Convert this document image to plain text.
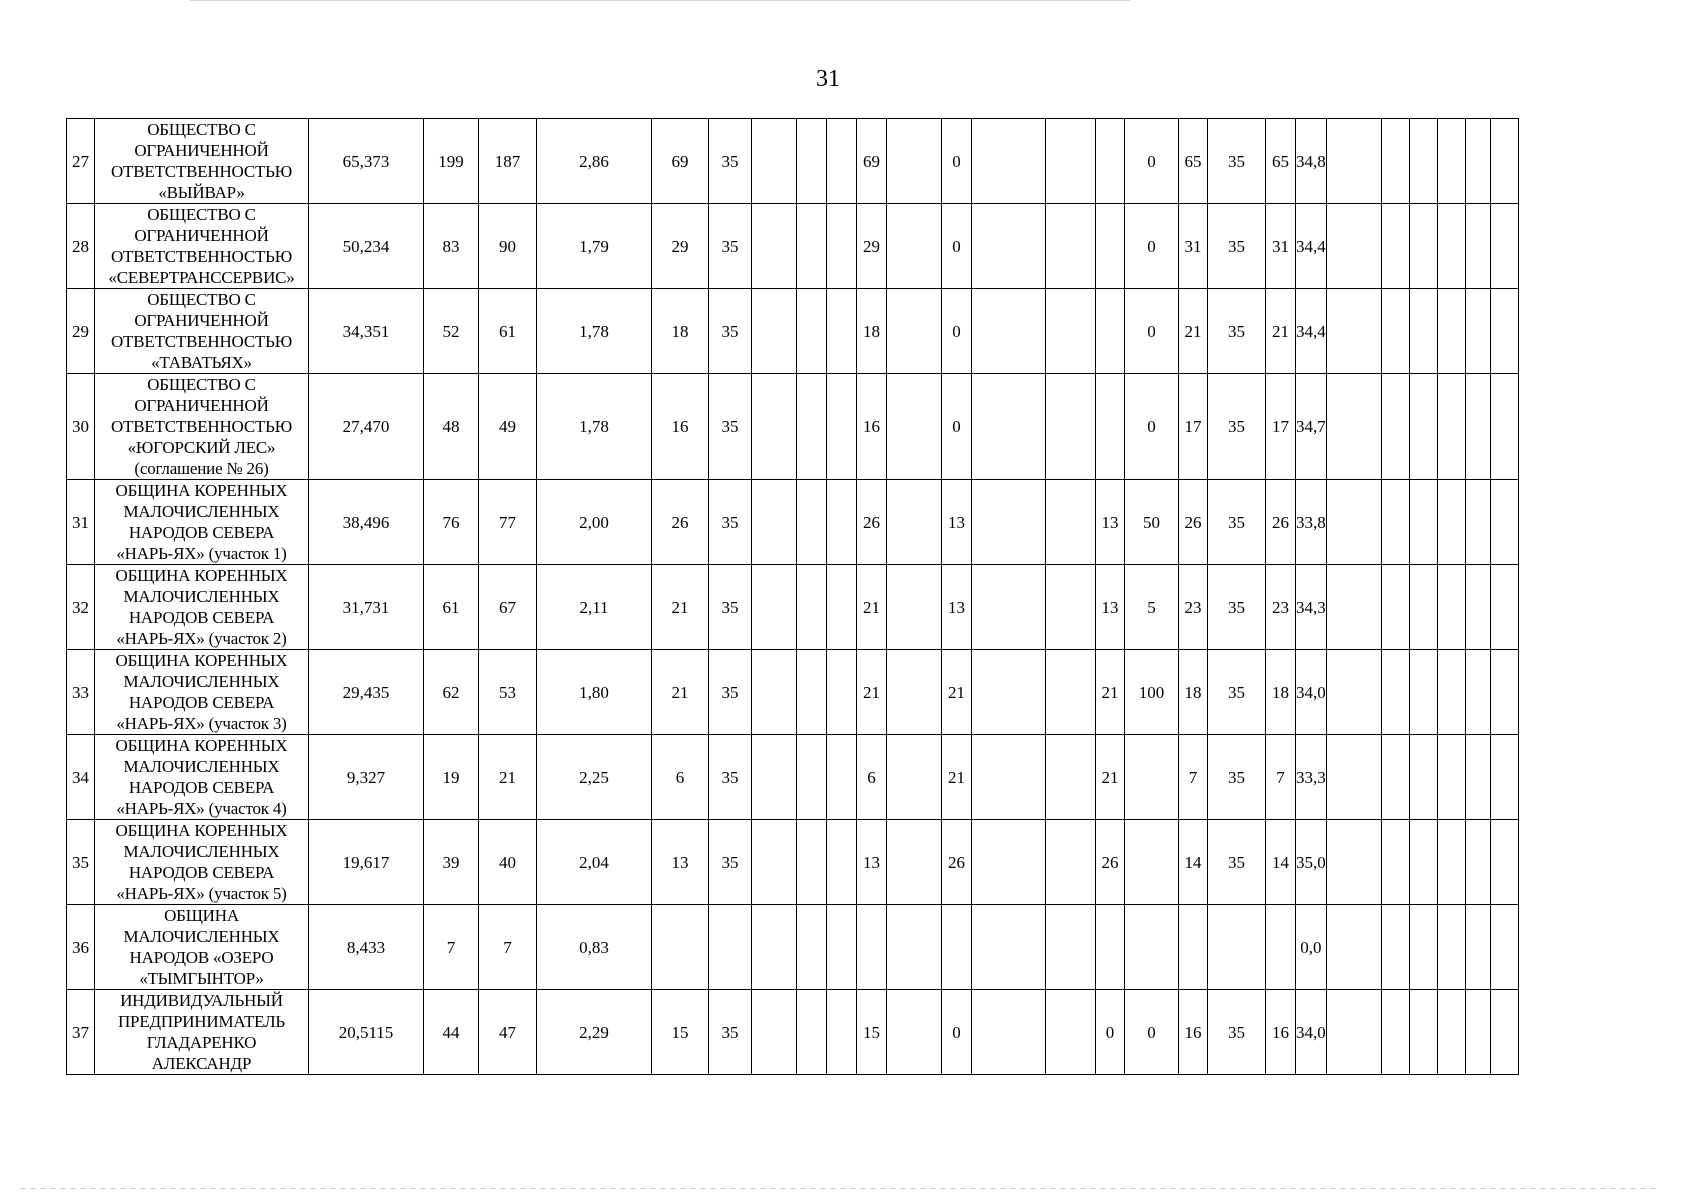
31
27	ОБЩЕСТВО С
ОГРАНИЧЕННОЙ
ОТВЕТСТВЕННОСТЬЮ
«ВЫЙВАР»	65,373	199	187	2,86	69	35				69		0				0	65	35	65	34,8						
28	ОБЩЕСТВО С
ОГРАНИЧЕННОЙ
ОТВЕТСТВЕННОСТЬЮ
«СЕВЕРТРАНССЕРВИС»	50,234	83	90	1,79	29	35				29		0				0	31	35	31	34,4						
29	ОБЩЕСТВО С
ОГРАНИЧЕННОЙ
ОТВЕТСТВЕННОСТЬЮ
«ТАВАТЬЯХ»	34,351	52	61	1,78	18	35				18		0				0	21	35	21	34,4						
30	ОБЩЕСТВО С
ОГРАНИЧЕННОЙ
ОТВЕТСТВЕННОСТЬЮ
«ЮГОРСКИЙ ЛЕС»
(соглашение № 26)	27,470	48	49	1,78	16	35				16		0				0	17	35	17	34,7						
31	ОБЩИНА КОРЕННЫХ
МАЛОЧИСЛЕННЫХ
НАРОДОВ СЕВЕРА
«НАРЬ-ЯХ» (участок 1)	38,496	76	77	2,00	26	35				26		13			13	50	26	35	26	33,8						
32	ОБЩИНА КОРЕННЫХ
МАЛОЧИСЛЕННЫХ
НАРОДОВ СЕВЕРА
«НАРЬ-ЯХ» (участок 2)	31,731	61	67	2,11	21	35				21		13			13	5	23	35	23	34,3						
33	ОБЩИНА КОРЕННЫХ
МАЛОЧИСЛЕННЫХ
НАРОДОВ СЕВЕРА
«НАРЬ-ЯХ» (участок 3)	29,435	62	53	1,80	21	35				21		21			21	100	18	35	18	34,0						
34	ОБЩИНА КОРЕННЫХ
МАЛОЧИСЛЕННЫХ
НАРОДОВ СЕВЕРА
«НАРЬ-ЯХ» (участок 4)	9,327	19	21	2,25	6	35				6		21			21		7	35	7	33,3						
35	ОБЩИНА КОРЕННЫХ
МАЛОЧИСЛЕННЫХ
НАРОДОВ СЕВЕРА
«НАРЬ-ЯХ» (участок 5)	19,617	39	40	2,04	13	35				13		26			26		14	35	14	35,0						
36	ОБЩИНА
МАЛОЧИСЛЕННЫХ
НАРОДОВ «ОЗЕРО
«ТЫМГЫНТОР»	8,433	7	7	0,83																0,0						
37	ИНДИВИДУАЛЬНЫЙ
ПРЕДПРИНИМАТЕЛЬ
ГЛАДАРЕНКО
АЛЕКСАНДР	20,5115	44	47	2,29	15	35				15		0			0	0	16	35	16	34,0						
